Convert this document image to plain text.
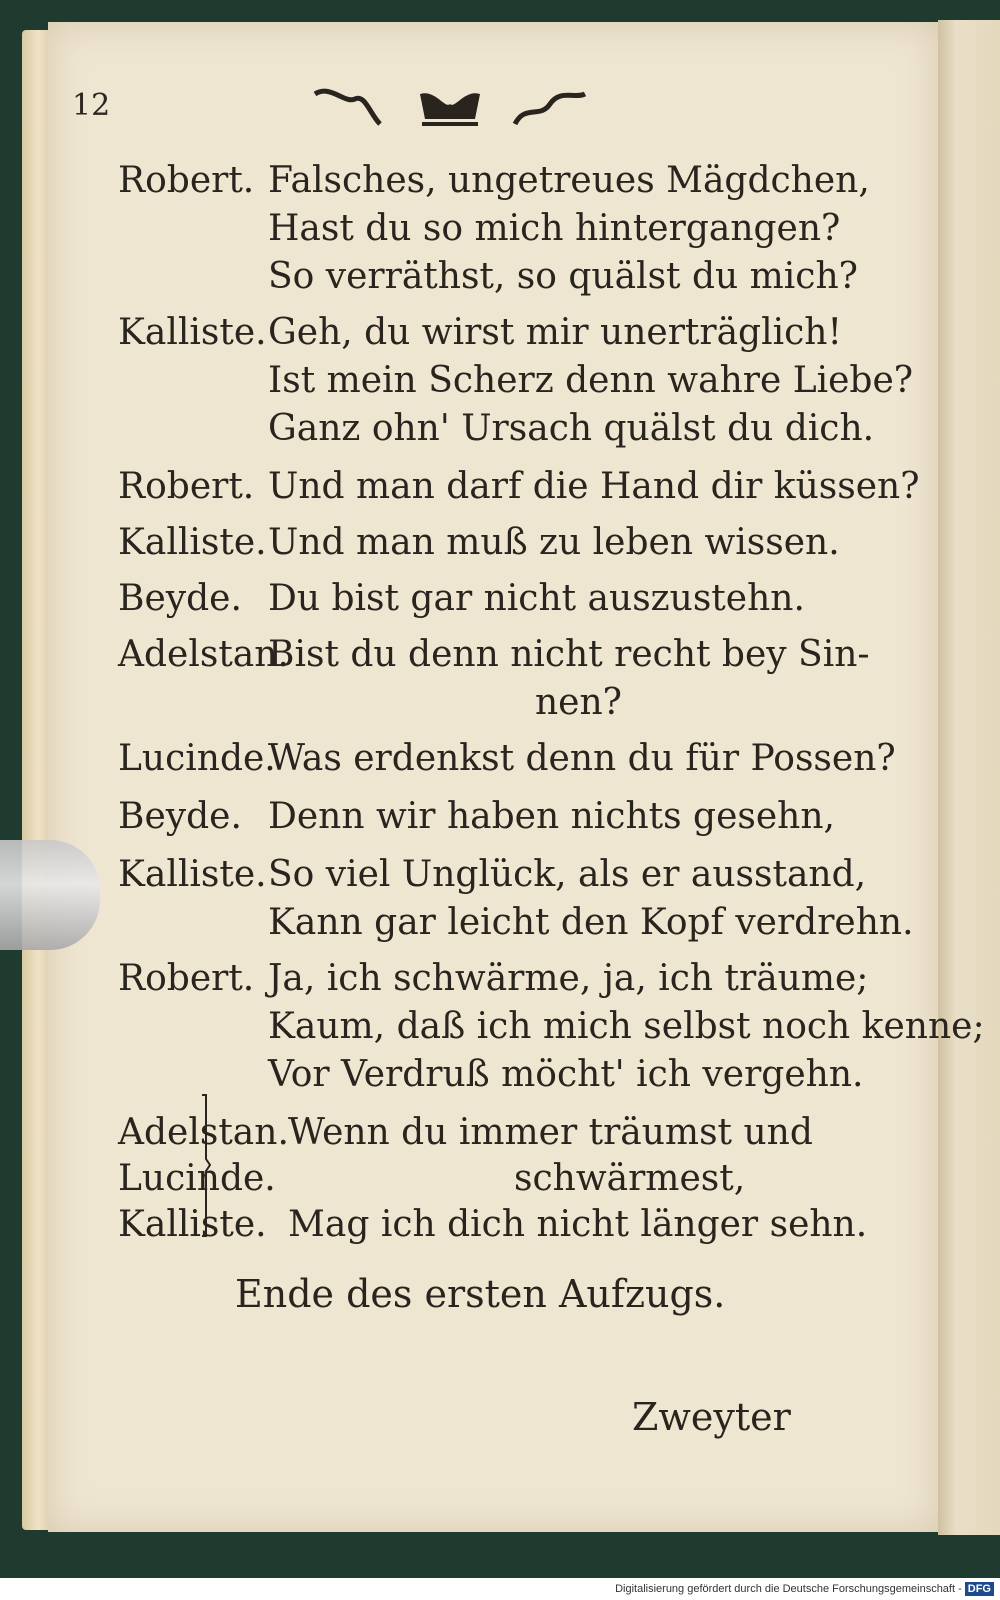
12
Robert. Falsches, ungetreues Mägdchen,
Hast du so mich hintergangen?
So verräthst, so quälst du mich?
Kalliste. Geh, du wirst mir unerträglich!
Ist mein Scherz denn wahre Liebe?
Ganz ohn' Ursach quälst du dich.
Robert. Und man darf die Hand dir küssen?
Kalliste. Und man muß zu leben wissen.
Beyde. Du bist gar nicht auszustehn.
Adelstan.
Bist du denn nicht recht bey Sin-
nen?
Lucinde.
Was erdenkst denn du für Possen?
Beyde. Denn wir haben nichts gesehn,
Kalliste. So viel Unglück, als er ausstand,
Kann gar leicht den Kopf verdrehn.
Robert. Ja, ich schwärme, ja, ich träume;
Kaum, daß ich mich selbst noch kenne;
Vor Verdruß möcht' ich vergehn.
Adelstan. Wenn du immer träumst und
Lucinde.	schwärmest,
Kalliste. Mag ich dich nicht länger sehn.
Ende des ersten Aufzugs.
Zweyter
Digitalisierung gefördert durch die Deutsche Forschungsgemeinschaft - DFG
